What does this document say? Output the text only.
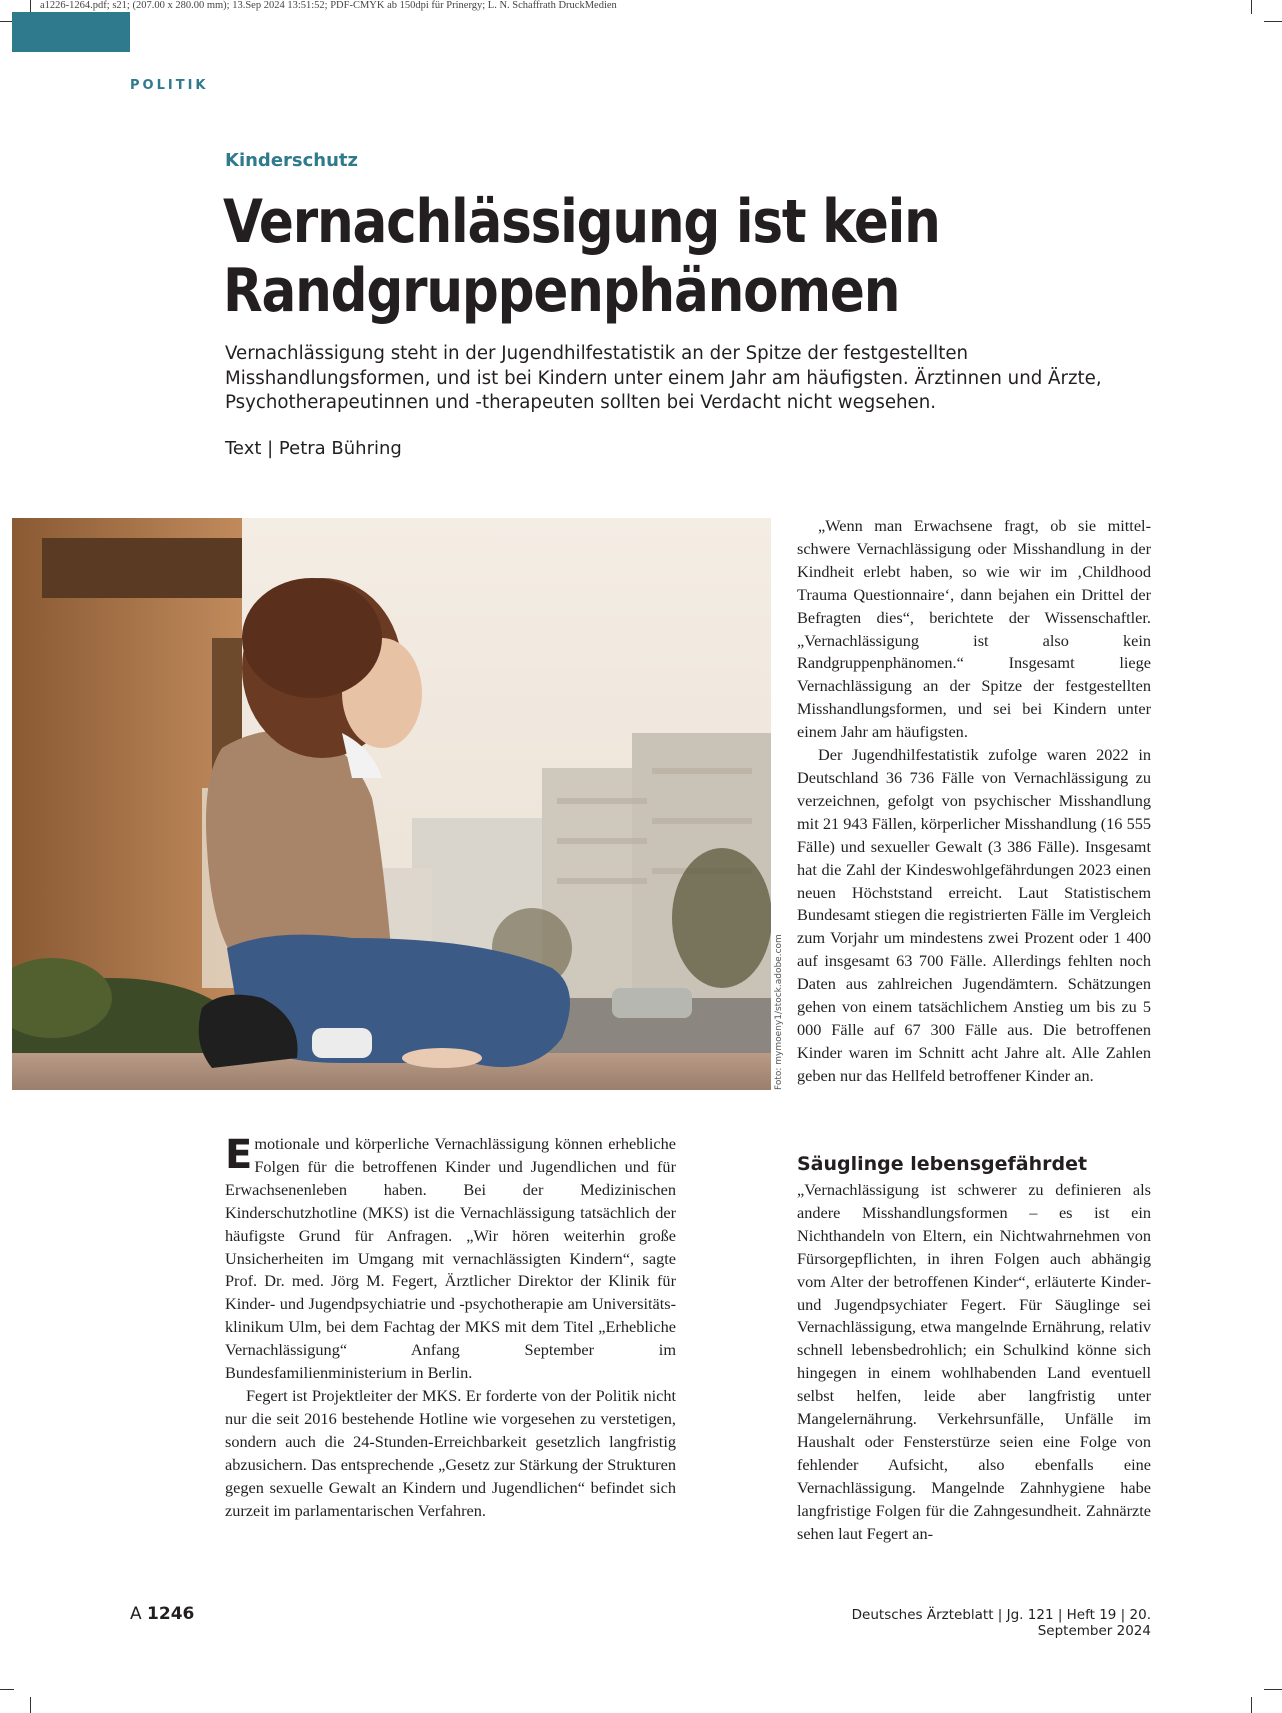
a1226-1264.pdf; s21; (207.00 x 280.00 mm); 13.Sep 2024 13:51:52; PDF-CMYK ab 150dpi für Prinergy; L. N. Schaffrath DruckMedien
POLITIK
Kinderschutz
Vernachlässigung ist kein
Randgruppenphänomen
Vernachlässigung steht in der Jugendhilfestatistik an der Spitze der festgestellten Misshandlungsformen, und ist bei Kindern unter einem Jahr am häufigsten. Ärztinnen und Ärzte, Psychotherapeutinnen und -therapeuten sollten bei Verdacht nicht wegsehen.
Text | Petra Bühring
Foto: mymoeny1/stock.adobe.com

„Wenn man Erwachsene fragt, ob sie mittelschwere Vernachlässigung oder Misshandlung in der Kindheit erlebt haben, so wie wir im ‚Childhood Trauma Questionnaire‘, dann bejahen ein Drittel der Befragten dies“, berichtete der Wissenschaftler. „Vernachlässigung ist also kein Randgruppenphänomen.“ Insgesamt liege Vernachlässigung an der Spitze der festgestellten Misshandlungsformen, und sei bei Kindern unter einem Jahr am häufigsten.

Der Jugendhilfestatistik zufolge waren 2022 in Deutschland 36 736 Fälle von Vernachlässigung zu verzeichnen, gefolgt von psychischer Misshandlung mit 21 943 Fällen, körperlicher Misshandlung (16 555 Fälle) und sexueller Gewalt (3 386 Fälle). Insgesamt hat die Zahl der Kindeswohlgefährdungen 2023 einen neuen Höchststand erreicht. Laut Statistischem Bundesamt stiegen die registrierten Fälle im Vergleich zum Vorjahr um mindestens zwei Prozent oder 1 400 auf insgesamt 63 700 Fälle. Allerdings fehlten noch Daten aus zahlreichen Jugendämtern. Schätzungen gehen von einem tatsächlichem Anstieg um bis zu 5 000 Fälle auf 67 300 Fälle aus. Die betroffenen Kinder waren im Schnitt acht Jahre alt. Alle Zahlen geben nur das Hellfeld betroffener Kinder an.

Säuglinge lebensgefährdet

„Vernachlässigung ist schwerer zu definieren als andere Misshandlungsformen – es ist ein Nichthandeln von Eltern, ein Nichtwahrnehmen von Fürsorgepflichten, in ihren Folgen auch abhängig vom Alter der betroffenen Kinder“, erläuterte Kinder- und Jugendpsychiater Fegert. Für Säuglinge sei Vernachlässigung, etwa mangelnde Ernährung, relativ schnell lebensbedrohlich; ein Schulkind könne sich hingegen in einem wohlhabenden Land eventuell selbst helfen, leide aber langfristig unter Mangelernährung. Verkehrsunfälle, Unfälle im Haushalt oder Fensterstürze seien eine Folge von fehlender Aufsicht, also ebenfalls eine Vernachlässigung. Mangelnde Zahnhygiene habe langfristige Folgen für die Zahngesundheit. Zahnärzte sehen laut Fegert an-

Emotionale und körperliche Vernachlässigung können erhebliche Folgen für die betroffenen Kinder und Jugendlichen und für Erwachsenenleben haben. Bei der Medizinischen Kinderschutzhotline (MKS) ist die Vernachlässigung tatsächlich der häufigste Grund für Anfragen. „Wir hören weiterhin große Unsicherheiten im Umgang mit vernachlässigten Kindern“, sagte Prof. Dr. med. Jörg M. Fegert, Ärztlicher Direktor der Klinik für Kinder- und Jugendpsychiatrie und -psychotherapie am Universitätsklinikum Ulm, bei dem Fachtag der MKS mit dem Titel „Erhebliche Vernachlässigung“ Anfang September im Bundesfamilienministerium in Berlin.

Fegert ist Projektleiter der MKS. Er forderte von der Politik nicht nur die seit 2016 bestehende Hotline wie vorgesehen zu verstetigen, sondern auch die 24-Stunden-Erreichbarkeit gesetzlich langfristig abzusichern. Das entsprechende „Gesetz zur Stärkung der Strukturen gegen sexuelle Gewalt an Kindern und Jugendlichen“ befindet sich zurzeit im parlamentarischen Verfahren.

A 1246	Deutsches Ärzteblatt | Jg. 121 | Heft 19 | 20. September 2024
